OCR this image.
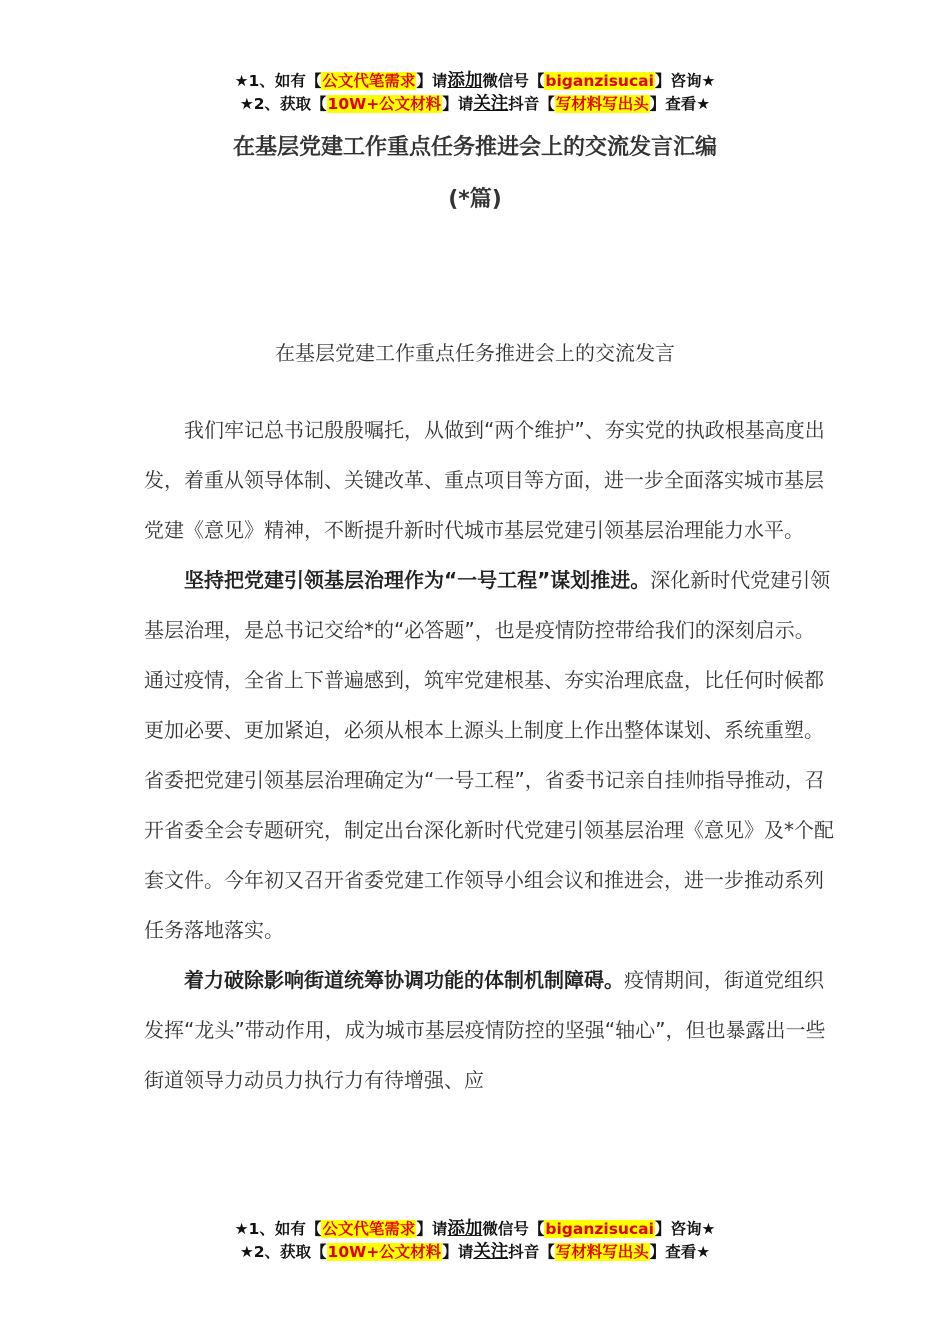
★1、如有【公文代笔需求】请添加微信号【biganzisucai】咨询★
★2、获取【10W+公文材料】请关注抖音【写材料写出头】查看★
在基层党建工作重点任务推进会上的交流发言汇编
(*篇)
在基层党建工作重点任务推进会上的交流发言

我们牢记总书记殷殷嘱托，从做到“两个维护”、夯实党的执政根基高度出发，着重从领导体制、关键改革、重点项目等方面，进一步全面落实城市基层党建《意见》精神，不断提升新时代城市基层党建引领基层治理能力水平。

坚持把党建引领基层治理作为“一号工程”谋划推进。深化新时代党建引领基层治理，是总书记交给*的“必答题”，也是疫情防控带给我们的深刻启示。通过疫情，全省上下普遍感到，筑牢党建根基、夯实治理底盘，比任何时候都更加必要、更加紧迫，必须从根本上源头上制度上作出整体谋划、系统重塑。省委把党建引领基层治理确定为“一号工程”，省委书记亲自挂帅指导推动，召开省委全会专题研究，制定出台深化新时代党建引领基层治理《意见》及*个配套文件。今年初又召开省委党建工作领导小组会议和推进会，进一步推动系列任务落地落实。

着力破除影响街道统筹协调功能的体制机制障碍。疫情期间，街道党组织发挥“龙头”带动作用，成为城市基层疫情防控的坚强“轴心”，但也暴露出一些街道领导力动员力执行力有待增强、应

★1、如有【公文代笔需求】请添加微信号【biganzisucai】咨询★
★2、获取【10W+公文材料】请关注抖音【写材料写出头】查看★
